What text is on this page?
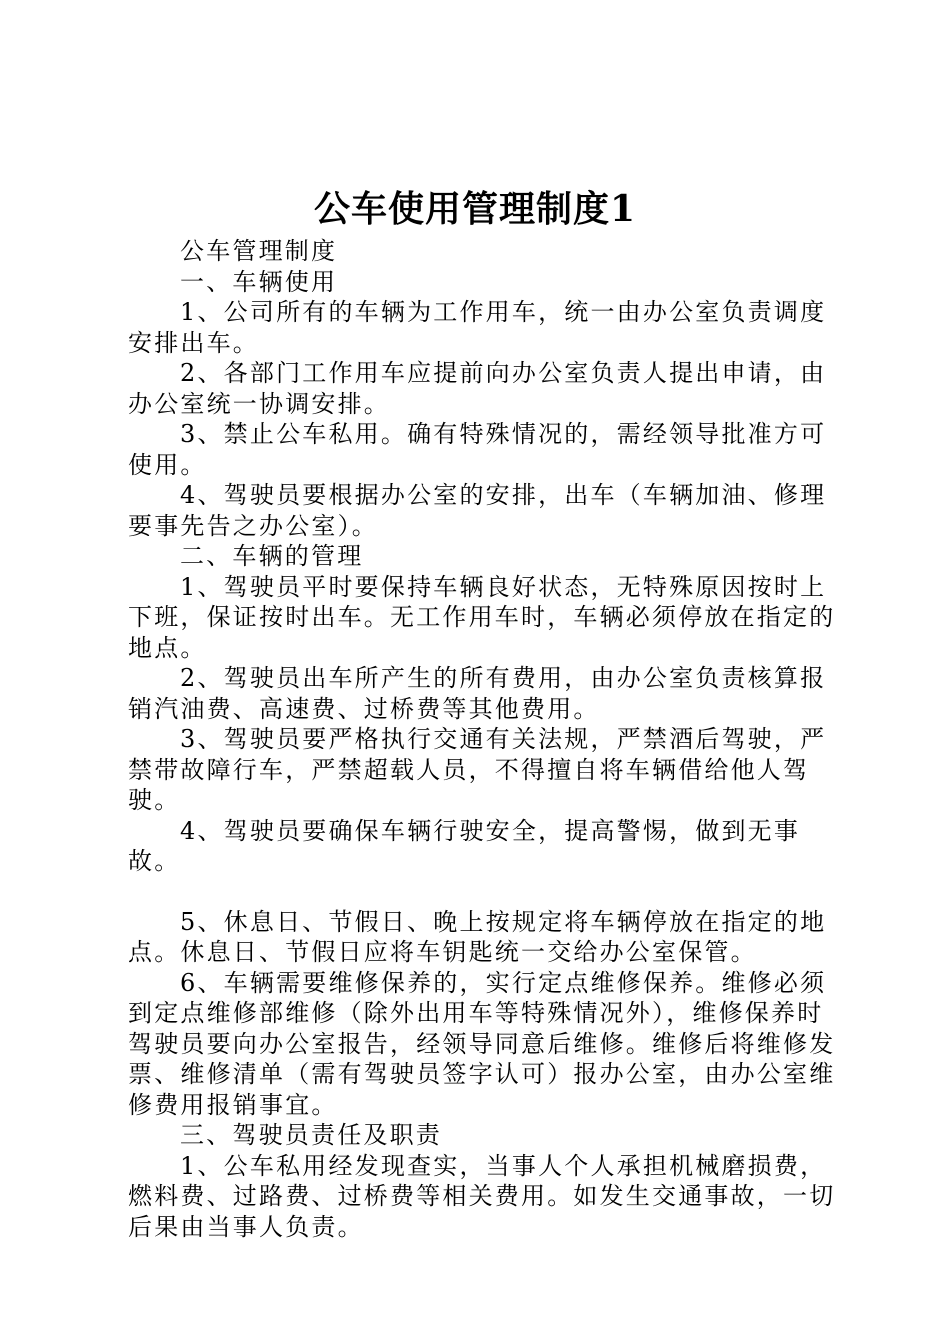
公车使用管理制度1

公车管理制度

一、车辆使用

1、公司所有的车辆为工作用车，统一由办公室负责调度安排出车。

2、各部门工作用车应提前向办公室负责人提出申请，由办公室统一协调安排。

3、禁止公车私用。确有特殊情况的，需经领导批准方可使用。

4、驾驶员要根据办公室的安排，出车（车辆加油、修理要事先告之办公室）。

二、车辆的管理

1、驾驶员平时要保持车辆良好状态，无特殊原因按时上下班，保证按时出车。无工作用车时，车辆必须停放在指定的地点。

2、驾驶员出车所产生的所有费用，由办公室负责核算报销汽油费、高速费、过桥费等其他费用。

3、驾驶员要严格执行交通有关法规，严禁酒后驾驶，严禁带故障行车，严禁超载人员，不得擅自将车辆借给他人驾驶。

4、驾驶员要确保车辆行驶安全，提高警惕，做到无事故。

5、休息日、节假日、晚上按规定将车辆停放在指定的地点。休息日、节假日应将车钥匙统一交给办公室保管。

6、车辆需要维修保养的，实行定点维修保养。维修必须到定点维修部维修（除外出用车等特殊情况外），维修保养时驾驶员要向办公室报告，经领导同意后维修。维修后将维修发票、维修清单（需有驾驶员签字认可）报办公室，由办公室维修费用报销事宜。

三、驾驶员责任及职责

1、公车私用经发现查实，当事人个人承担机械磨损费，燃料费、过路费、过桥费等相关费用。如发生交通事故，一切后果由当事人负责。
